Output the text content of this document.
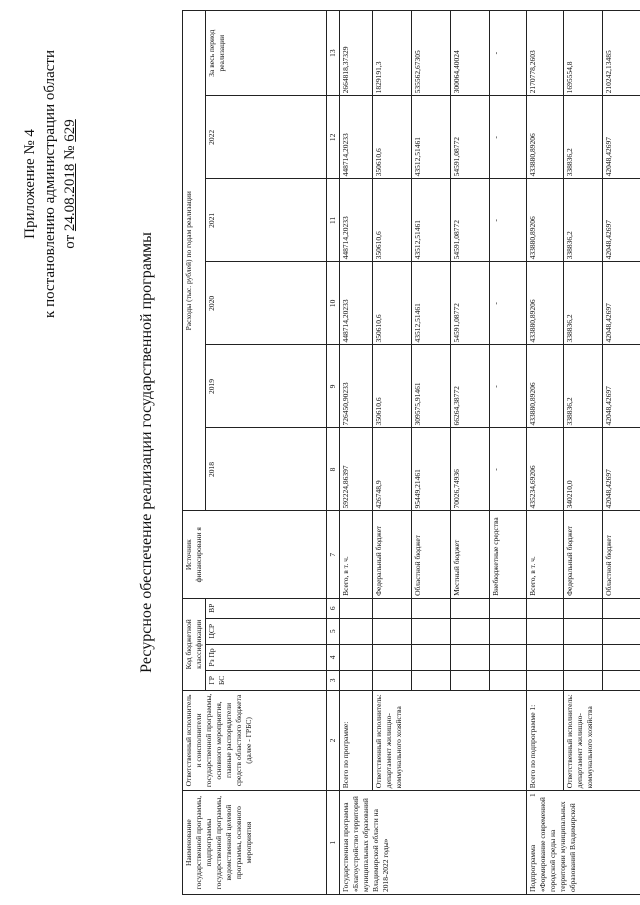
Приложение № 4 к постановлению администрации области от 24.08.2018 № 629
Ресурсное обеспечение реализации государственной программы
Наименование государственной программы, подпрограммы государственной программы, ведомственной целевой программы, основного мероприятия	Ответственный исполнитель и соисполнители государственной программы, основного мероприятия, главные распорядители средств областного бюджета (далее - ГРБС)	Код бюджетной классификации				Источник финансировани я	Расходы (тыс. рублей) по годам реализации					
		ГР БС	Рз Пр	ЦСР	ВР		2018	2019	2020	2021	2022	За весь период реализации
1	2	3	4	5	6	7	8	9	10	11	12	13
Государственная программа «Благоустройство территорий муниципальных образований Владимирской области на 2018-2022 годы»	Всего по программе:					Всего, в т. ч.	592224,86397	726450,90233	448714,20233	448714,20233	448714,20233	2664818,37329
	Ответственный исполнитель: департамент жилищно-коммунального хозяйства					Федеральный бюджет	426748,9	350610,6	350610,6	350610,6	350610,6	1829191,3
						Областной бюджет	95449,21461	309575,91461	43512,51461	43512,51461	43512,51461	535562,67305
						Местный бюджет	70026,74936	66264,38772	54591,08772	54591,08772	54591,08772	300064,40024
						Внебюджетные средства	-	-	-	-	-	-

1
Подпрограмма «Формирование современной городской среды на территории муниципальных образований Владимирской	Всего по подпрограмме 1:					Всего, в т. ч.	435234,69206	433880,89206	433880,89206	433880,89206	433880,89206	2170778,2603
	Ответственный исполнитель: департамент жилищно-коммунального хозяйства					Федеральный бюджет	340210,0	338836,2	338836,2	338836,2	338836,2	1695554,8
						Областной бюджет	42048,42697	42048,42697	42048,42697	42048,42697	42048,42697	210242,13485
